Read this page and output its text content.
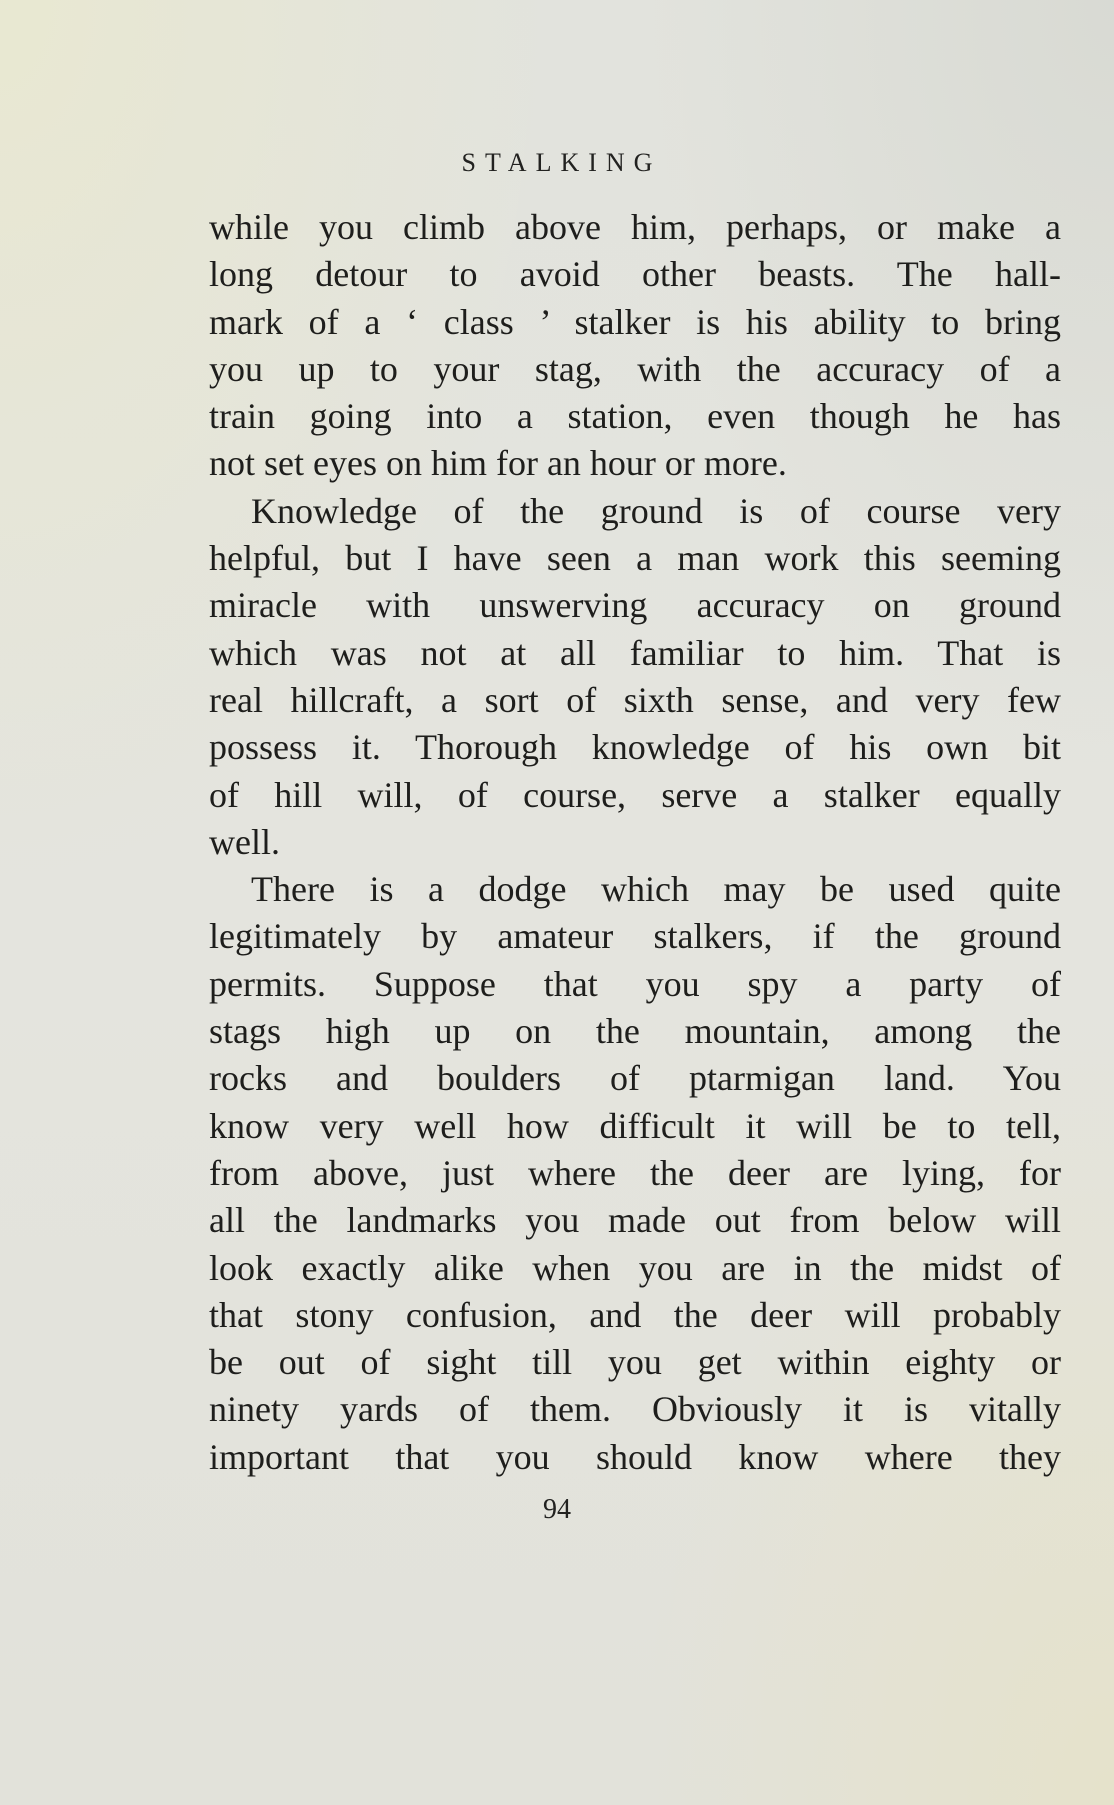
STALKING
while you climb above him, perhaps, or make a
long detour to avoid other beasts. The hall-
mark of a ‘ class ’ stalker is his ability to bring
you up to your stag, with the accuracy of a
train going into a station, even though he has
not set eyes on him for an hour or more.
Knowledge of the ground is of course very
helpful, but I have seen a man work this seeming
miracle with unswerving accuracy on ground
which was not at all familiar to him. That is
real hillcraft, a sort of sixth sense, and very few
possess it. Thorough knowledge of his own bit
of hill will, of course, serve a stalker equally
well.
There is a dodge which may be used quite
legitimately by amateur stalkers, if the ground
permits. Suppose that you spy a party of
stags high up on the mountain, among the
rocks and boulders of ptarmigan land. You
know very well how difficult it will be to tell,
from above, just where the deer are lying, for
all the landmarks you made out from below will
look exactly alike when you are in the midst of
that stony confusion, and the deer will probably
be out of sight till you get within eighty or
ninety yards of them. Obviously it is vitally
important that you should know where they
94
